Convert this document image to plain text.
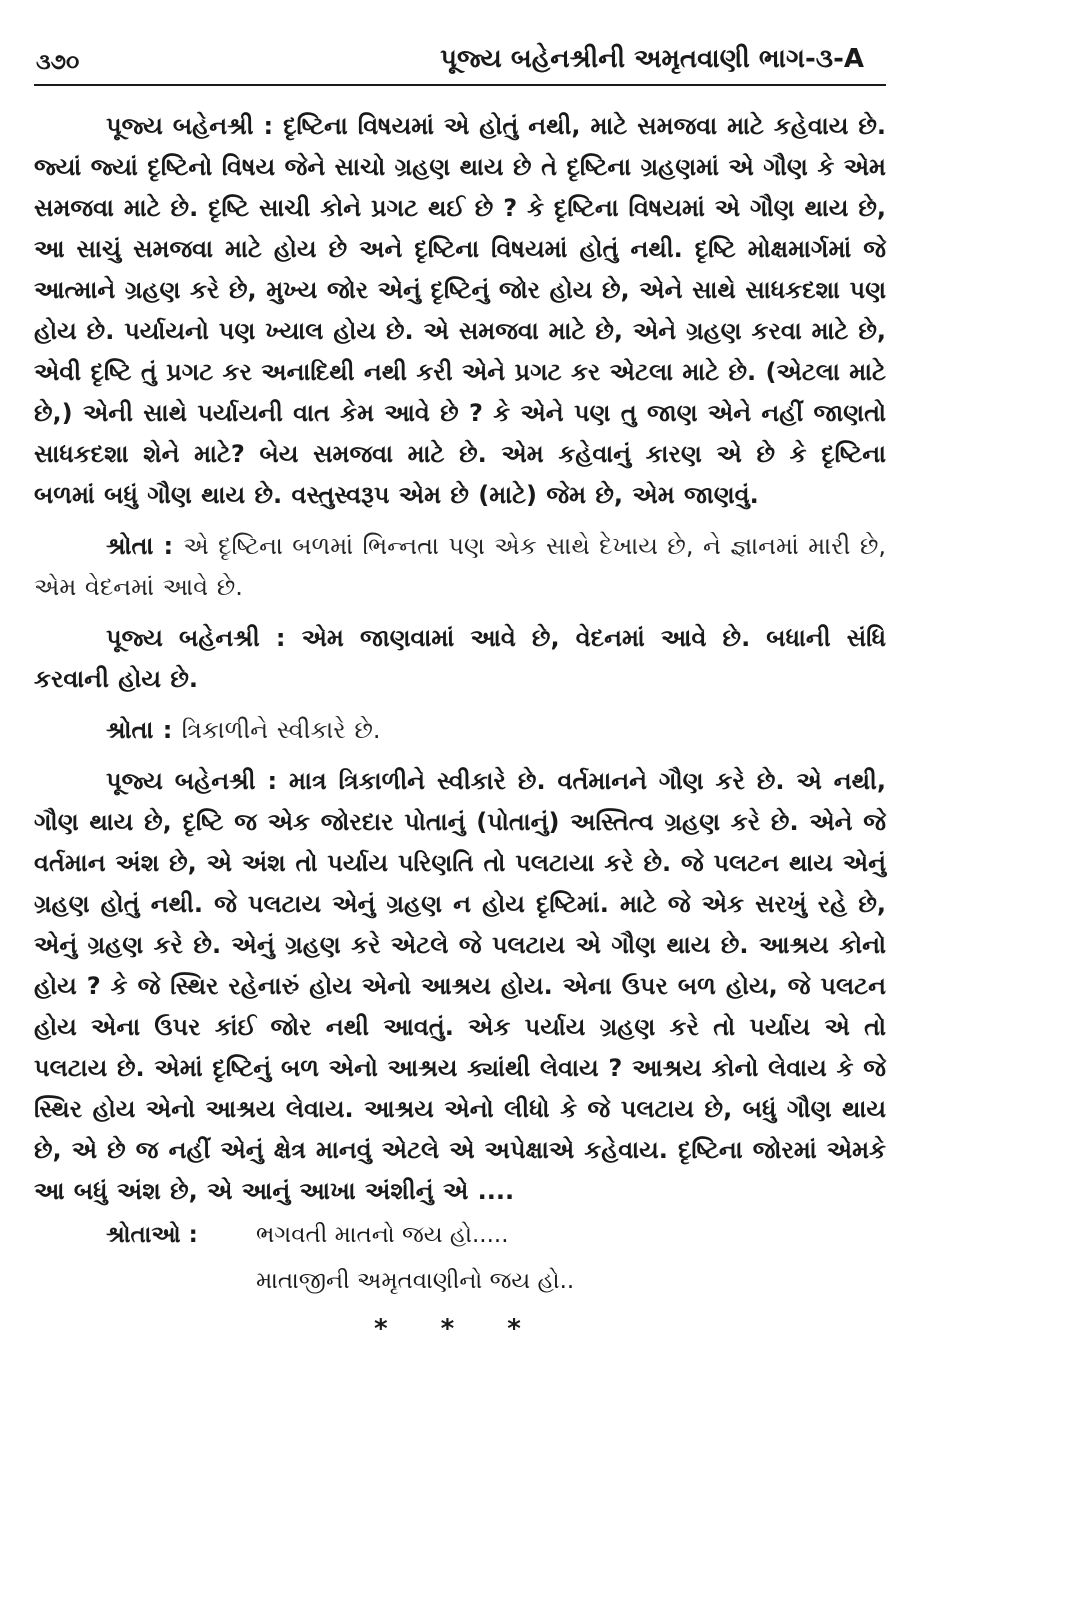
૩૭૦	પૂજ્ય બહેનશ્રીની અમૃતવાણી ભાગ-૩-A

પૂજ્ય બહેનશ્રી : દૃષ્ટિના વિષયમાં એ હોતું નથી, માટે સમજવા માટે કહેવાય છે. જ્યાં જ્યાં દૃષ્ટિનો વિષય જેને સાચો ગ્રહણ થાય છે તે દૃષ્ટિના ગ્રહણમાં એ ગૌણ કે એમ સમજવા માટે છે. દૃષ્ટિ સાચી કોને પ્રગટ થઈ છે ? કે દૃષ્ટિના વિષયમાં એ ગૌણ થાય છે, આ સાચું સમજવા માટે હોય છે અને દૃષ્ટિના વિષયમાં હોતું નથી. દૃષ્ટિ મોક્ષમાર્ગમાં જે આત્માને ગ્રહણ કરે છે, મુખ્ય જોર એનું દૃષ્ટિનું જોર હોય છે, એને સાથે સાધકદશા પણ હોય છે. પર્યાયનો પણ ખ્યાલ હોય છે. એ સમજવા માટે છે, એને ગ્રહણ કરવા માટે છે, એવી દૃષ્ટિ તું પ્રગટ કર અનાદિથી નથી કરી એને પ્રગટ કર એટલા માટે છે. (એટલા માટે છે,) એની સાથે પર્યાયની વાત કેમ આવે છે ? કે એને પણ તુ જાણ એને નહીં જાણતો સાધકદશા શેને માટે? બેય સમજવા માટે છે. એમ કહેવાનું કારણ એ છે કે દૃષ્ટિના બળમાં બધું ગૌણ થાય છે. વસ્તુસ્વરૂપ એમ છે (માટે) જેમ છે, એમ જાણવું.

શ્રોતા : એ દૃષ્ટિના બળમાં ભિન્નતા પણ એક સાથે દેખાય છે, ને જ્ઞાનમાં મારી છે, એમ વેદનમાં આવે છે.

પૂજ્ય બહેનશ્રી : એમ જાણવામાં આવે છે, વેદનમાં આવે છે. બધાની સંધિ કરવાની હોય છે.

શ્રોતા : ત્રિકાળીને સ્વીકારે છે.

પૂજ્ય બહેનશ્રી : માત્ર ત્રિકાળીને સ્વીકારે છે. વર્તમાનને ગૌણ કરે છે. એ નથી, ગૌણ થાય છે, દૃષ્ટિ જ એક જોરદાર પોતાનું (પોતાનું) અસ્તિત્વ ગ્રહણ કરે છે. એને જે વર્તમાન અંશ છે, એ અંશ તો પર્યાય પરિણતિ તો પલટાયા કરે છે. જે પલટન થાય એનું ગ્રહણ હોતું નથી. જે પલટાય એનું ગ્રહણ ન હોય દૃષ્ટિમાં. માટે જે એક સરખું રહે છે, એનું ગ્રહણ કરે છે. એનું ગ્રહણ કરે એટલે જે પલટાય એ ગૌણ થાય છે. આશ્રય કોનો હોય ? કે જે સ્થિર રહેનારું હોય એનો આશ્રય હોય. એના ઉપર બળ હોય, જે પલટન હોય એના ઉપર કાંઈ જોર નથી આવતું. એક પર્યાય ગ્રહણ કરે તો પર્યાય એ તો પલટાય છે. એમાં દૃષ્ટિનું બળ એનો આશ્રય ક્યાંથી લેવાય ? આશ્રય કોનો લેવાય કે જે સ્થિર હોય એનો આશ્રય લેવાય. આશ્રય એનો લીધો કે જે પલટાય છે, બધું ગૌણ થાય છે, એ છે જ નહીં એનું ક્ષેત્ર માનવું એટલે એ અપેક્ષાએ કહેવાય. દૃષ્ટિના જોરમાં એમકે આ બધું અંશ છે, એ આનું આખા અંશીનું એ ....

શ્રોતાઓ :	ભગવતી માતનો જય હો.....
માતાજીની અમૃતવાણીનો જય હો..
* * *
